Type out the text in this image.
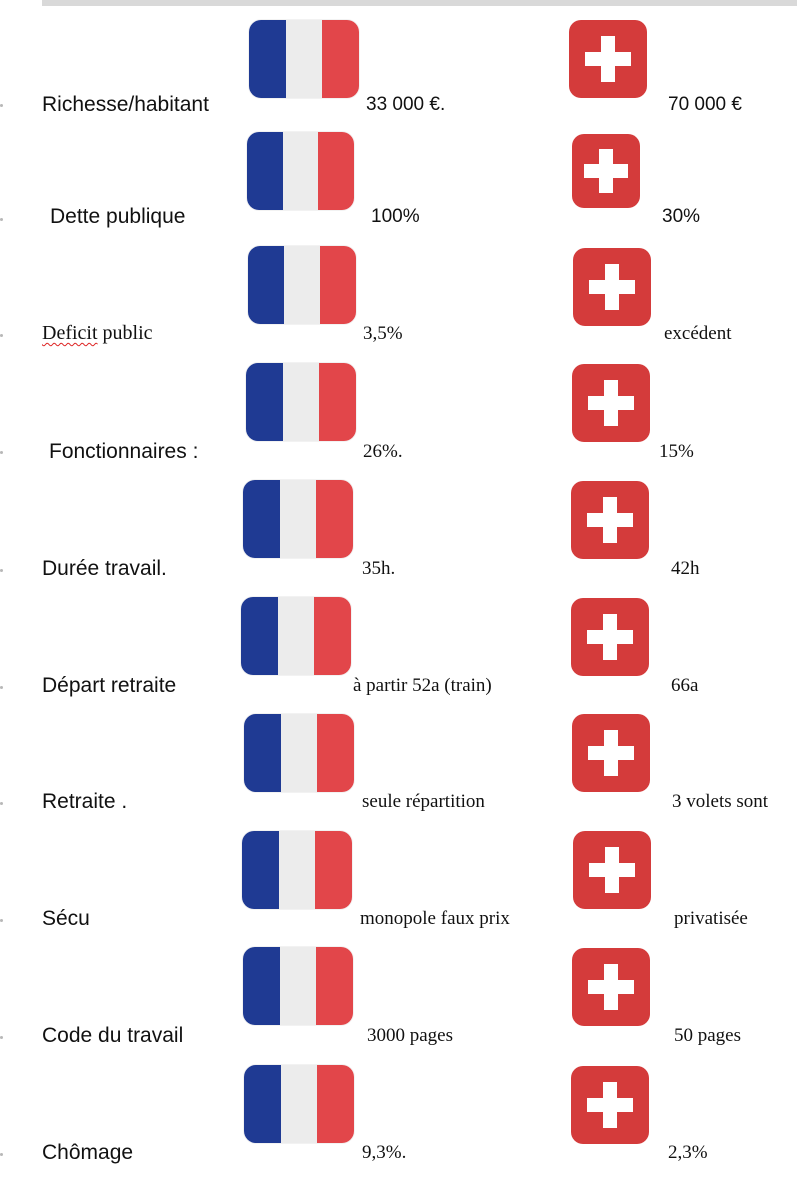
Richesse/habitant	33 000 €.	70 000 €
Dette publique	100%	30%
Deficit public	3,5%	excédent
Fonctionnaires :	26%.	15%
Durée travail.	35h.	42h
Départ retraite	à partir 52a (train)	66a
Retraite .	seule répartition	3 volets sont
Sécu	monopole faux prix	privatisée
Code du travail	3000 pages	50 pages
Chômage	9,3%.	2,3%
